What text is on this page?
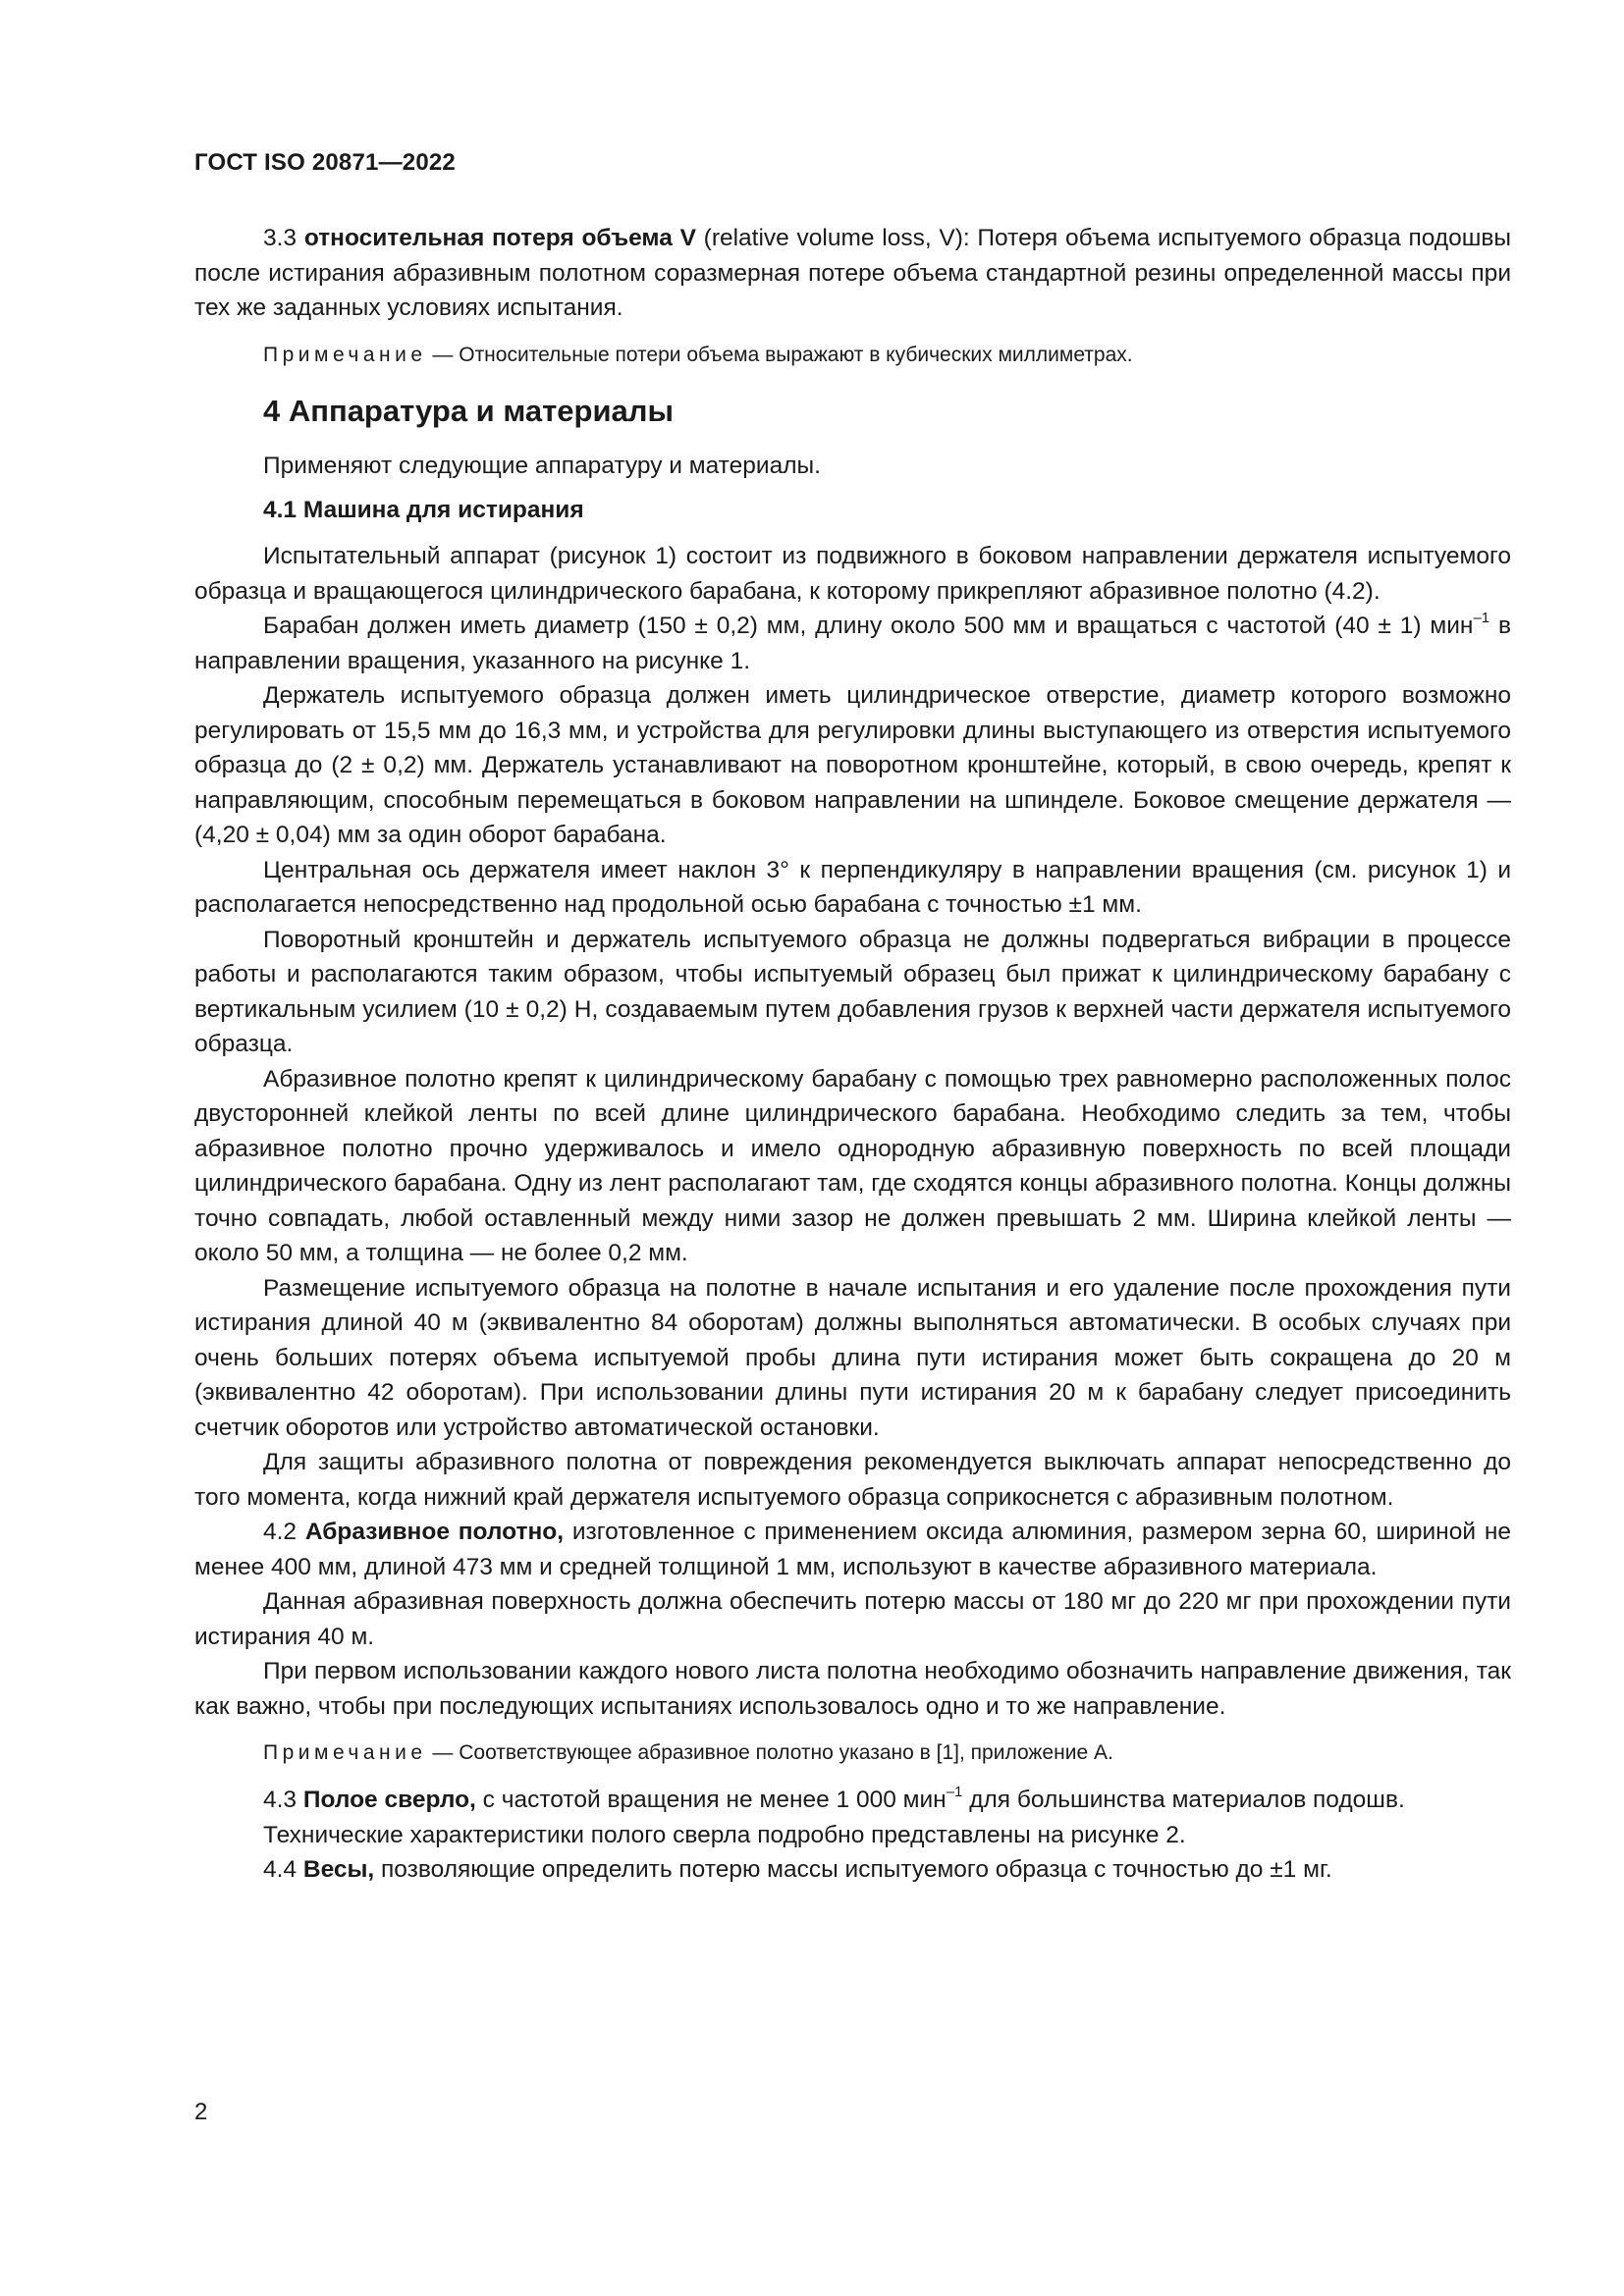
ГОСТ ISO 20871—2022

3.3 относительная потеря объема V (relative volume loss, V): Потеря объема испытуемого образца подошвы после истирания абразивным полотном соразмерная потере объема стандартной резины определенной массы при тех же заданных условиях испытания.

Примечание — Относительные потери объема выражают в кубических миллиметрах.

4 Аппаратура и материалы

Применяют следующие аппаратуру и материалы.

4.1 Машина для истирания

Испытательный аппарат (рисунок 1) состоит из подвижного в боковом направлении держателя испытуемого образца и вращающегося цилиндрического барабана, к которому прикрепляют абразивное полотно (4.2).

Барабан должен иметь диаметр (150 ± 0,2) мм, длину около 500 мм и вращаться с частотой (40 ± 1) мин$^{-1}$ в направлении вращения, указанного на рисунке 1.

Держатель испытуемого образца должен иметь цилиндрическое отверстие, диаметр которого возможно регулировать от 15,5 мм до 16,3 мм, и устройства для регулировки длины выступающего из отверстия испытуемого образца до (2 ± 0,2) мм. Держатель устанавливают на поворотном кронштейне, который, в свою очередь, крепят к направляющим, способным перемещаться в боковом направлении на шпинделе. Боковое смещение держателя — (4,20 ± 0,04) мм за один оборот барабана.

Центральная ось держателя имеет наклон 3° к перпендикуляру в направлении вращения (см. рисунок 1) и располагается непосредственно над продольной осью барабана с точностью ±1 мм.

Поворотный кронштейн и держатель испытуемого образца не должны подвергаться вибрации в процессе работы и располагаются таким образом, чтобы испытуемый образец был прижат к цилиндрическому барабану с вертикальным усилием (10 ± 0,2) Н, создаваемым путем добавления грузов к верхней части держателя испытуемого образца.

Абразивное полотно крепят к цилиндрическому барабану с помощью трех равномерно расположенных полос двусторонней клейкой ленты по всей длине цилиндрического барабана. Необходимо следить за тем, чтобы абразивное полотно прочно удерживалось и имело однородную абразивную поверхность по всей площади цилиндрического барабана. Одну из лент располагают там, где сходятся концы абразивного полотна. Концы должны точно совпадать, любой оставленный между ними зазор не должен превышать 2 мм. Ширина клейкой ленты — около 50 мм, а толщина — не более 0,2 мм.

Размещение испытуемого образца на полотне в начале испытания и его удаление после прохождения пути истирания длиной 40 м (эквивалентно 84 оборотам) должны выполняться автоматически. В особых случаях при очень больших потерях объема испытуемой пробы длина пути истирания может быть сокращена до 20 м (эквивалентно 42 оборотам). При использовании длины пути истирания 20 м к барабану следует присоединить счетчик оборотов или устройство автоматической остановки.

Для защиты абразивного полотна от повреждения рекомендуется выключать аппарат непосредственно до того момента, когда нижний край держателя испытуемого образца соприкоснется с абразивным полотном.

4.2 Абразивное полотно, изготовленное с применением оксида алюминия, размером зерна 60, шириной не менее 400 мм, длиной 473 мм и средней толщиной 1 мм, используют в качестве абразивного материала.

Данная абразивная поверхность должна обеспечить потерю массы от 180 мг до 220 мг при прохождении пути истирания 40 м.

При первом использовании каждого нового листа полотна необходимо обозначить направление движения, так как важно, чтобы при последующих испытаниях использовалось одно и то же направление.

Примечание — Соответствующее абразивное полотно указано в [1], приложение А.

4.3 Полое сверло, с частотой вращения не менее 1 000 мин$^{-1}$ для большинства материалов подошв.

Технические характеристики полого сверла подробно представлены на рисунке 2.

4.4 Весы, позволяющие определить потерю массы испытуемого образца с точностью до ±1 мг.

2
